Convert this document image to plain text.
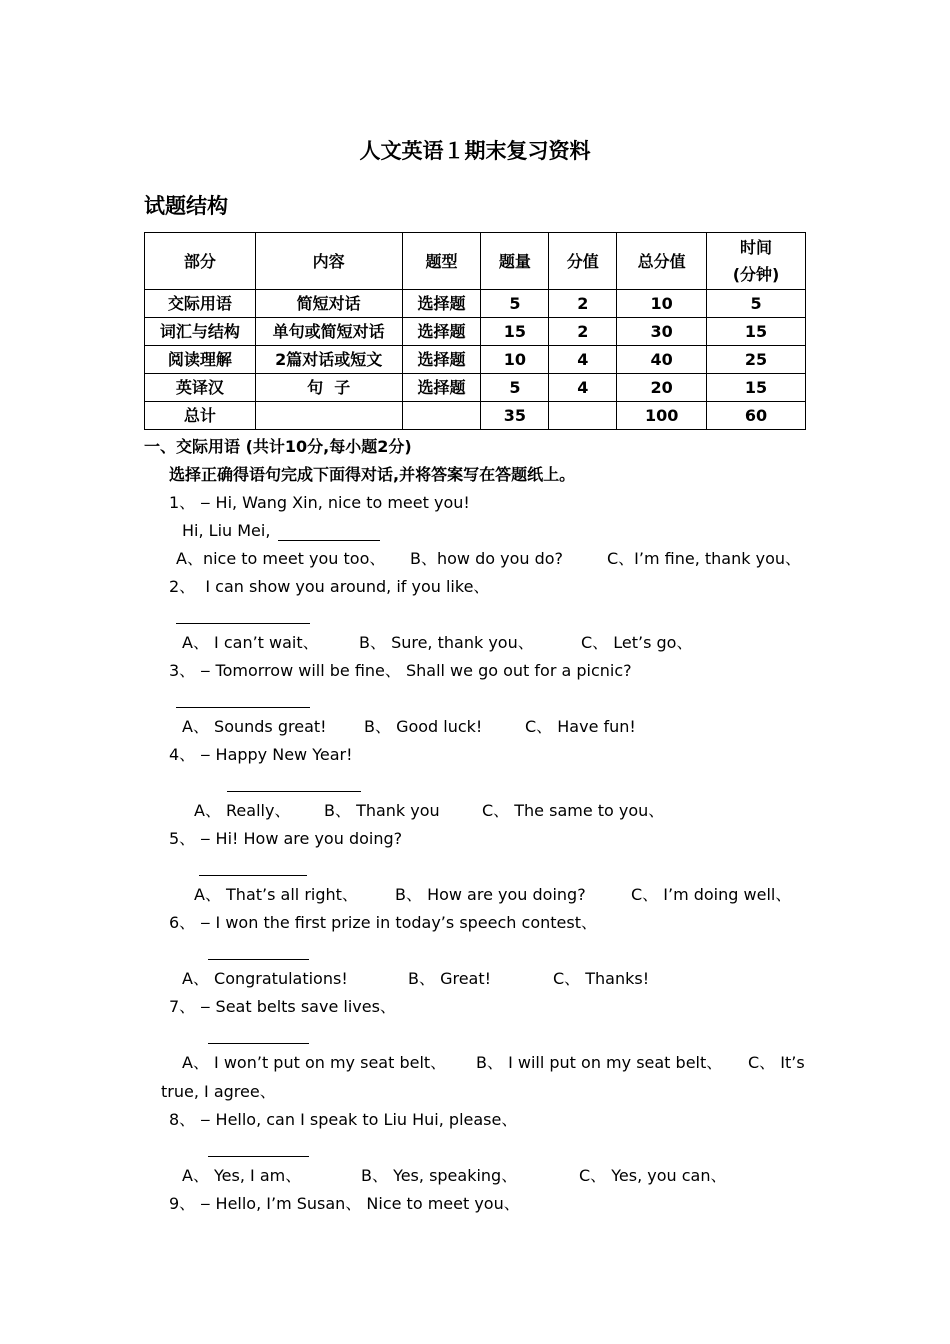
人文英语１期末复习资料
试题结构
部分	内容	题型	题量	分值	总分值	时间
(分钟)
交际用语	简短对话	选择题	5	2	10	5
词汇与结构	单句或简短对话	选择题	15	2	30	15
阅读理解	2篇对话或短文	选择题	10	4	40	25
英译汉	句  子	选择题	5	4	20	15
总计			35		100	60
一、交际用语 (共计10分,每小题2分)
选择正确得语句完成下面得对话,并将答案写在答题纸上。
1、 ‒ Hi, Wang Xin, nice to meet you!
Hi, Liu Mei,
A、nice to meet you too、 B、how do you do?	C、I’m fine, thank you、
2、  I can show you around, if you like、
A、 I can’t wait、	B、 Sure, thank you、	C、 Let’s go、
3、 ‒ Tomorrow will be fine、 Shall we go out for a picnic?
A、 Sounds great! B、 Good luck!	C、 Have fun!
4、 ‒ Happy New Year!
A、 Really、 B、 Thank you	C、 The same to you、
5、 ‒ Hi! How are you doing?
A、 That’s all right、 B、 How are you doing?	C、 I’m doing well、
6、 ‒ I won the first prize in today’s speech contest、
A、 Congratulations!	B、 Great!	C、 Thanks!
7、 ‒ Seat belts save lives、
A、 I won’t put on my seat belt、 B、 I will put on my seat belt、 C、 It’s
true, I agree、
8、 ‒ Hello, can I speak to Liu Hui, please、
A、 Yes, I am、	B、 Yes, speaking、	C、 Yes, you can、
9、 ‒ Hello, I’m Susan、 Nice to meet you、
